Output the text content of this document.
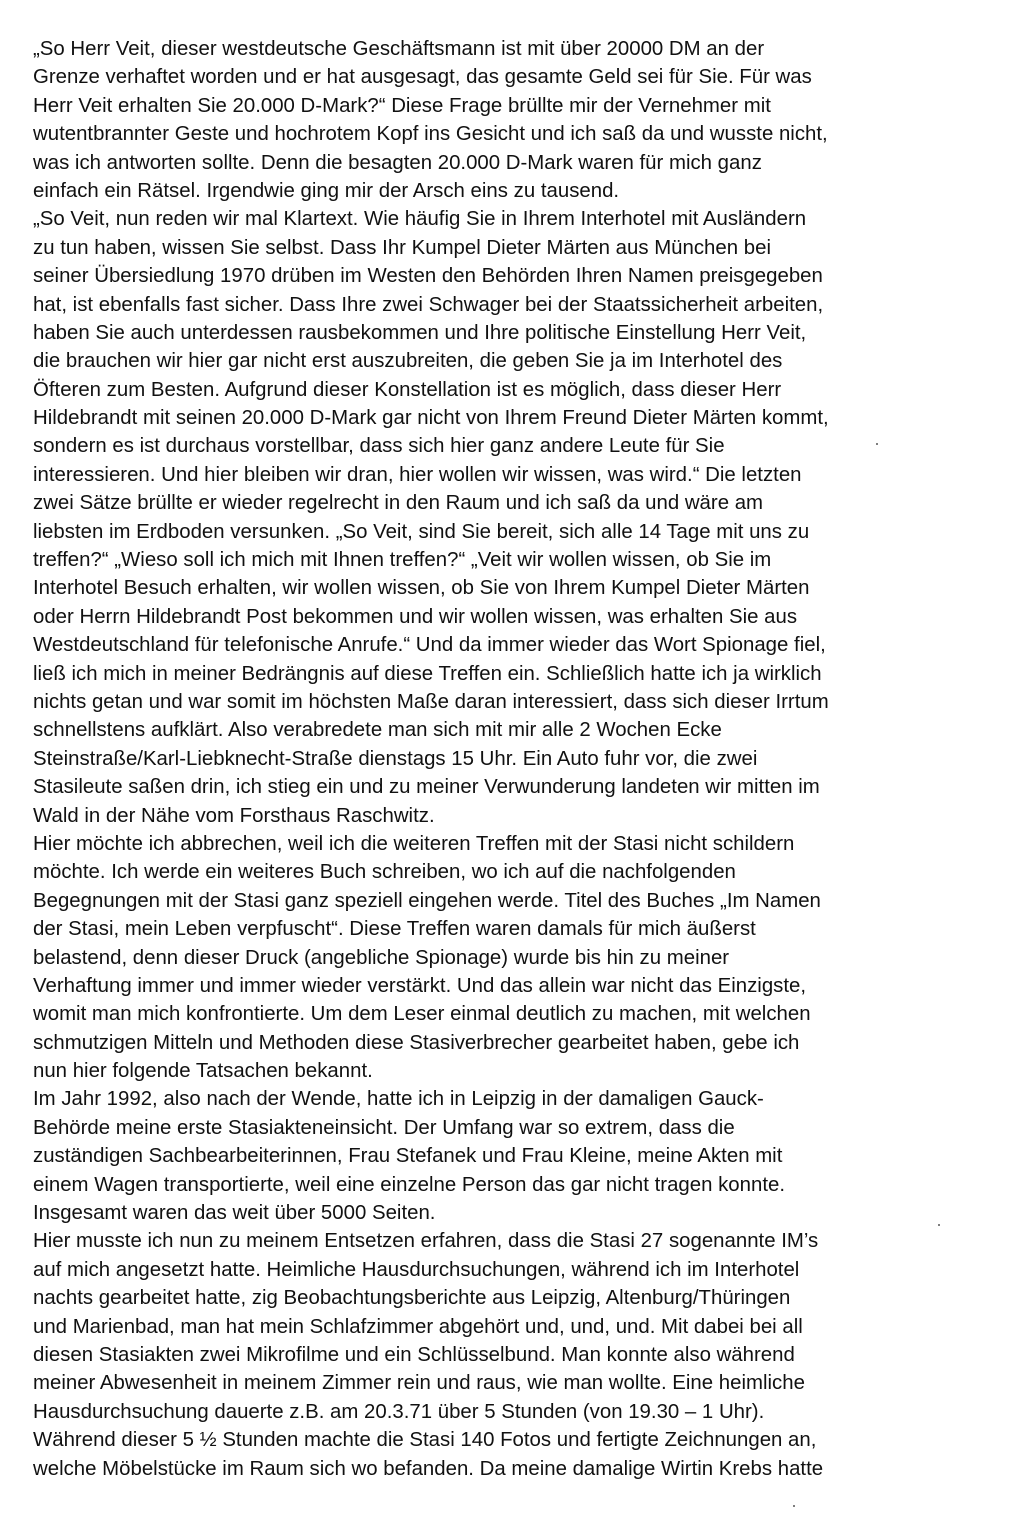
„So Herr Veit, dieser westdeutsche Geschäftsmann ist mit über 20000 DM an der
Grenze verhaftet worden und er hat ausgesagt, das gesamte Geld sei für Sie. Für was
Herr Veit erhalten Sie 20.000 D-Mark?“ Diese Frage brüllte mir der Vernehmer mit
wutentbrannter Geste und hochrotem Kopf ins Gesicht und ich saß da und wusste nicht,
was ich antworten sollte. Denn die besagten 20.000 D-Mark waren für mich ganz
einfach ein Rätsel. Irgendwie ging mir der Arsch eins zu tausend.
„So Veit, nun reden wir mal Klartext. Wie häufig Sie in Ihrem Interhotel mit Ausländern
zu tun haben, wissen Sie selbst. Dass Ihr Kumpel Dieter Märten aus München bei
seiner Übersiedlung 1970 drüben im Westen den Behörden Ihren Namen preisgegeben
hat, ist ebenfalls fast sicher. Dass Ihre zwei Schwager bei der Staatssicherheit arbeiten,
haben Sie auch unterdessen rausbekommen und Ihre politische Einstellung Herr Veit,
die brauchen wir hier gar nicht erst auszubreiten, die geben Sie ja im Interhotel des
Öfteren zum Besten. Aufgrund dieser Konstellation ist es möglich, dass dieser Herr
Hildebrandt mit seinen 20.000 D-Mark gar nicht von Ihrem Freund Dieter Märten kommt,
sondern es ist durchaus vorstellbar, dass sich hier ganz andere Leute für Sie
interessieren. Und hier bleiben wir dran, hier wollen wir wissen, was wird.“ Die letzten
zwei Sätze brüllte er wieder regelrecht in den Raum und ich saß da und wäre am
liebsten im Erdboden versunken. „So Veit, sind Sie bereit, sich alle 14 Tage mit uns zu
treffen?“ „Wieso soll ich mich mit Ihnen treffen?“ „Veit wir wollen wissen, ob Sie im
Interhotel Besuch erhalten, wir wollen wissen, ob Sie von Ihrem Kumpel Dieter Märten
oder Herrn Hildebrandt Post bekommen und wir wollen wissen, was erhalten Sie aus
Westdeutschland für telefonische Anrufe.“ Und da immer wieder das Wort Spionage fiel,
ließ ich mich in meiner Bedrängnis auf diese Treffen ein. Schließlich hatte ich ja wirklich
nichts getan und war somit im höchsten Maße daran interessiert, dass sich dieser Irrtum
schnellstens aufklärt. Also verabredete man sich mit mir alle 2 Wochen Ecke
Steinstraße/Karl-Liebknecht-Straße dienstags 15 Uhr. Ein Auto fuhr vor, die zwei
Stasileute saßen drin, ich stieg ein und zu meiner Verwunderung landeten wir mitten im
Wald in der Nähe vom Forsthaus Raschwitz.
Hier möchte ich abbrechen, weil ich die weiteren Treffen mit der Stasi nicht schildern
möchte. Ich werde ein weiteres Buch schreiben, wo ich auf die nachfolgenden
Begegnungen mit der Stasi ganz speziell eingehen werde. Titel des Buches „Im Namen
der Stasi, mein Leben verpfuscht“. Diese Treffen waren damals für mich äußerst
belastend, denn dieser Druck (angebliche Spionage) wurde bis hin zu meiner
Verhaftung immer und immer wieder verstärkt. Und das allein war nicht das Einzigste,
womit man mich konfrontierte. Um dem Leser einmal deutlich zu machen, mit welchen
schmutzigen Mitteln und Methoden diese Stasiverbrecher gearbeitet haben, gebe ich
nun hier folgende Tatsachen bekannt.
Im Jahr 1992, also nach der Wende, hatte ich in Leipzig in der damaligen Gauck-
Behörde meine erste Stasiakteneinsicht. Der Umfang war so extrem, dass die
zuständigen Sachbearbeiterinnen, Frau Stefanek und Frau Kleine, meine Akten mit
einem Wagen transportierte, weil eine einzelne Person das gar nicht tragen konnte.
Insgesamt waren das weit über 5000 Seiten.
Hier musste ich nun zu meinem Entsetzen erfahren, dass die Stasi 27 sogenannte IM’s
auf mich angesetzt hatte. Heimliche Hausdurchsuchungen, während ich im Interhotel
nachts gearbeitet hatte, zig Beobachtungsberichte aus Leipzig, Altenburg/Thüringen
und Marienbad, man hat mein Schlafzimmer abgehört und, und, und. Mit dabei bei all
diesen Stasiakten zwei Mikrofilme und ein Schlüsselbund. Man konnte also während
meiner Abwesenheit in meinem Zimmer rein und raus, wie man wollte. Eine heimliche
Hausdurchsuchung dauerte z.B. am 20.3.71 über 5 Stunden (von 19.30 – 1 Uhr).
Während dieser 5 ½ Stunden machte die Stasi 140 Fotos und fertigte Zeichnungen an,
welche Möbelstücke im Raum sich wo befanden. Da meine damalige Wirtin Krebs hatte
